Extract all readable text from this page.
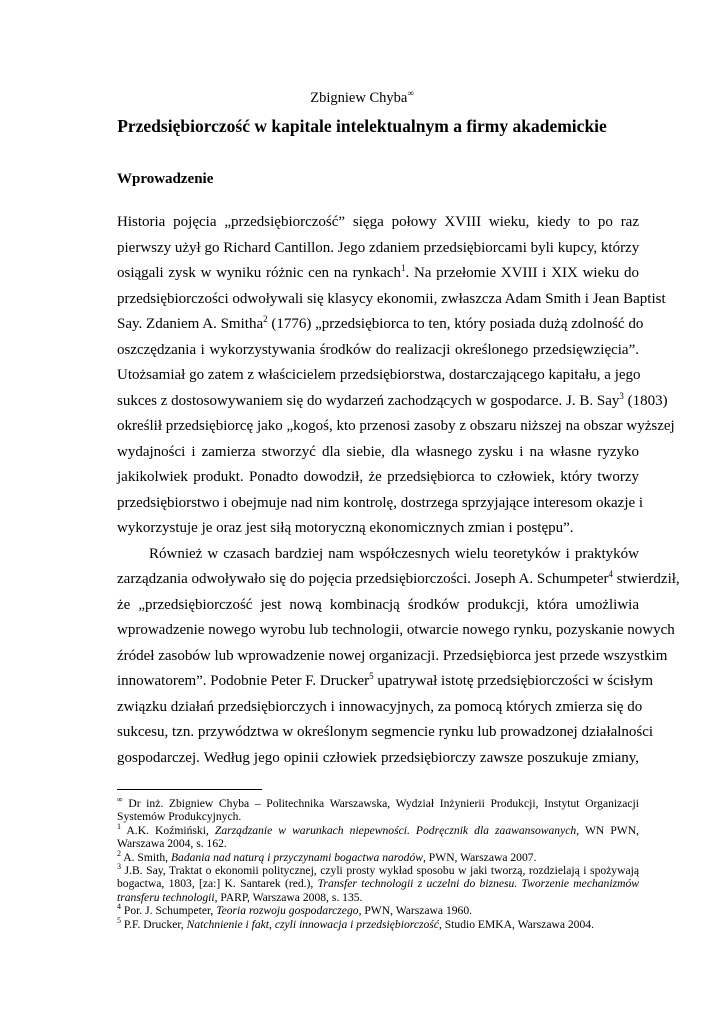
Zbigniew Chyba∞
Przedsiębiorczość w kapitale intelektualnym a firmy akademickie
Wprowadzenie
Historia pojęcia „przedsiębiorczość” sięga połowy XVIII wieku, kiedy to po raz
pierwszy użył go Richard Cantillon. Jego zdaniem przedsiębiorcami byli kupcy, którzy
osiągali zysk w wyniku różnic cen na rynkach$^1$. Na przełomie XVIII i XIX wieku do
przedsiębiorczości odwoływali się klasycy ekonomii, zwłaszcza Adam Smith i Jean Baptist
Say. Zdaniem A. Smitha$^2$ (1776) „przedsiębiorca to ten, który posiada dużą zdolność do
oszczędzania i wykorzystywania środków do realizacji określonego przedsięwzięcia”.
Utożsamiał go zatem z właścicielem przedsiębiorstwa, dostarczającego kapitału, a jego
sukces z dostosowywaniem się do wydarzeń zachodzących w gospodarce. J. B. Say$^3$ (1803)
określił przedsiębiorcę jako „kogoś, kto przenosi zasoby z obszaru niższej na obszar wyższej
wydajności i zamierza stworzyć dla siebie, dla własnego zysku i na własne ryzyko
jakikolwiek produkt. Ponadto dowodził, że przedsiębiorca to człowiek, który tworzy
przedsiębiorstwo i obejmuje nad nim kontrolę, dostrzega sprzyjające interesom okazje i
wykorzystuje je oraz jest siłą motoryczną ekonomicznych zmian i postępu”.
Również w czasach bardziej nam współczesnych wielu teoretyków i praktyków
zarządzania odwoływało się do pojęcia przedsiębiorczości. Joseph A. Schumpeter$^4$ stwierdził,
że „przedsiębiorczość jest nową kombinacją środków produkcji, która umożliwia
wprowadzenie nowego wyrobu lub technologii, otwarcie nowego rynku, pozyskanie nowych
źródeł zasobów lub wprowadzenie nowej organizacji. Przedsiębiorca jest przede wszystkim
innowatorem”. Podobnie Peter F. Drucker$^5$ upatrywał istotę przedsiębiorczości w ścisłym
związku działań przedsiębiorczych i innowacyjnych, za pomocą których zmierza się do
sukcesu, tzn. przywództwa w określonym segmencie rynku lub prowadzonej działalności
gospodarczej. Według jego opinii człowiek przedsiębiorczy zawsze poszukuje zmiany,
∞ Dr inż. Zbigniew Chyba – Politechnika Warszawska, Wydział Inżynierii Produkcji, Instytut Organizacji
Systemów Produkcyjnych.
$^1$ A.K. Koźmiński, Zarządzanie w warunkach niepewności. Podręcznik dla zaawansowanych, WN PWN,
Warszawa 2004, s. 162.
$^2$ A. Smith, Badania nad naturą i przyczynami bogactwa narodów, PWN, Warszawa 2007.
$^3$ J.B. Say, Traktat o ekonomii politycznej, czyli prosty wykład sposobu w jaki tworzą, rozdzielają i spożywają
bogactwa, 1803, [za:] K. Santarek (red.), Transfer technologii z uczelni do biznesu. Tworzenie mechanizmów
transferu technologii, PARP, Warszawa 2008, s. 135.
$^4$ Por. J. Schumpeter, Teoria rozwoju gospodarczego, PWN, Warszawa 1960.
$^5$ P.F. Drucker, Natchnienie i fakt, czyli innowacja i przedsiębiorczość, Studio EMKA, Warszawa 2004.
